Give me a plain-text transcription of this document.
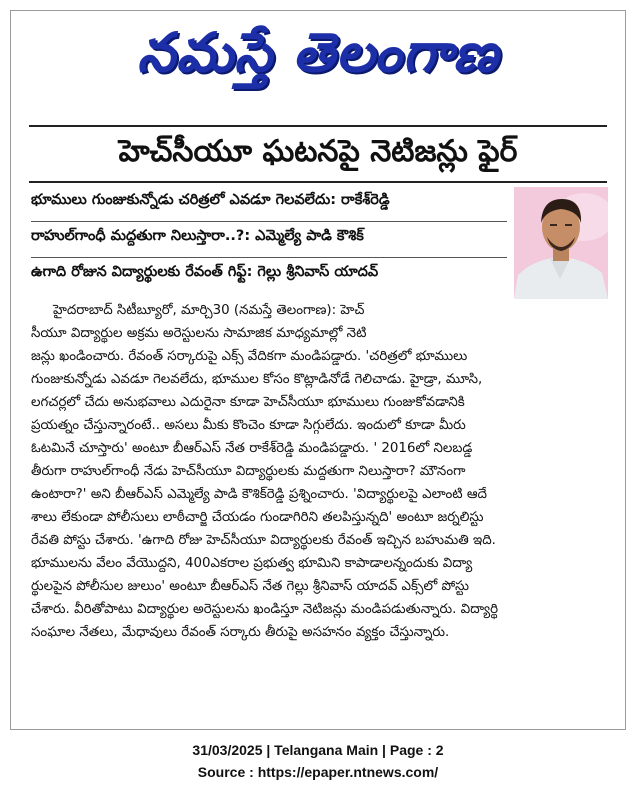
నమస్తే తెలంగాణ
హెచ్‌సీయూ ఘటనపై నెటిజన్లు ఫైర్
భూములు గుంజుకున్నోడు చరిత్రలో ఎవడూ గెలవలేదు: రాకేశ్‌రెడ్డి
రాహుల్‌గాంధీ మద్దతుగా నిలుస్తారా..?: ఎమ్మెల్యే పాడి కౌశిక్
ఉగాది రోజున విద్యార్థులకు రేవంత్ గిఫ్ట్: గెల్లు శ్రీనివాస్ యాదవ్

హైదరాబాద్ సిటీబ్యూరో, మార్చి30 (నమస్తే తెలంగాణ): హెచ్

సీయూ విద్యార్థుల అక్రమ అరెస్టులను సామాజిక మాధ్యమాల్లో నెటి

జన్లు ఖండించారు. రేవంత్ సర్కారుపై ఎక్స్ వేదికగా మండిపడ్డారు. 'చరిత్రలో భూములు

గుంజుకున్నోడు ఎవడూ గెలవలేదు, భూముల కోసం కొట్లాడినోడే గెలిచాడు. హైడ్రా, మూసి,

లగచర్లలో చేదు అనుభవాలు ఎదురైనా కూడా హెచ్‌సీయూ భూములు గుంజుకోవడానికి

ప్రయత్నం చేస్తున్నారంటే.. అసలు మీకు కొంచెం కూడా సిగ్గులేదు. ఇందులో కూడా మీరు

ఓటమినే చూస్తారు' అంటూ బీఆర్ఎస్ నేత రాకేశ్‌రెడ్డి మండిపడ్డారు. ' 2016లో నిలబడ్డ

తీరుగా రాహుల్‌గాంధీ నేడు హెచ్‌సీయూ విద్యార్థులకు మద్దతుగా నిలుస్తారా? మౌనంగా

ఉంటారా?' అని బీఆర్ఎస్ ఎమ్మెల్యే పాడి కౌశిక్‌రెడ్డి ప్రశ్నించారు. 'విద్యార్థులపై ఎలాంటి ఆదే

శాలు లేకుండా పోలీసులు లాఠీచార్జి చేయడం గుండాగిరిని తలపిస్తున్నది' అంటూ జర్నలిస్టు

రేవతి పోస్టు చేశారు. 'ఉగాది రోజు హెచ్‌సీయూ విద్యార్థులకు రేవంత్ ఇచ్చిన బహుమతి ఇది.

భూములను వేలం వేయొద్దని, 400ఎకరాల ప్రభుత్వ భూమిని కాపాడాలన్నందుకు విద్యా

ర్థులపైన పోలీసుల జులుం' అంటూ బీఆర్ఎస్ నేత గెల్లు శ్రీనివాస్ యాదవ్ ఎక్స్‌లో పోస్టు

చేశారు. వీరితోపాటు విద్యార్థుల అరెస్టులను ఖండిస్తూ నెటిజన్లు మండిపడుతున్నారు. విద్యార్థి

సంఘాల నేతలు, మేధావులు రేవంత్ సర్కారు తీరుపై అసహనం వ్యక్తం చేస్తున్నారు.

31/03/2025 | Telangana Main | Page : 2
Source : https://epaper.ntnews.com/
